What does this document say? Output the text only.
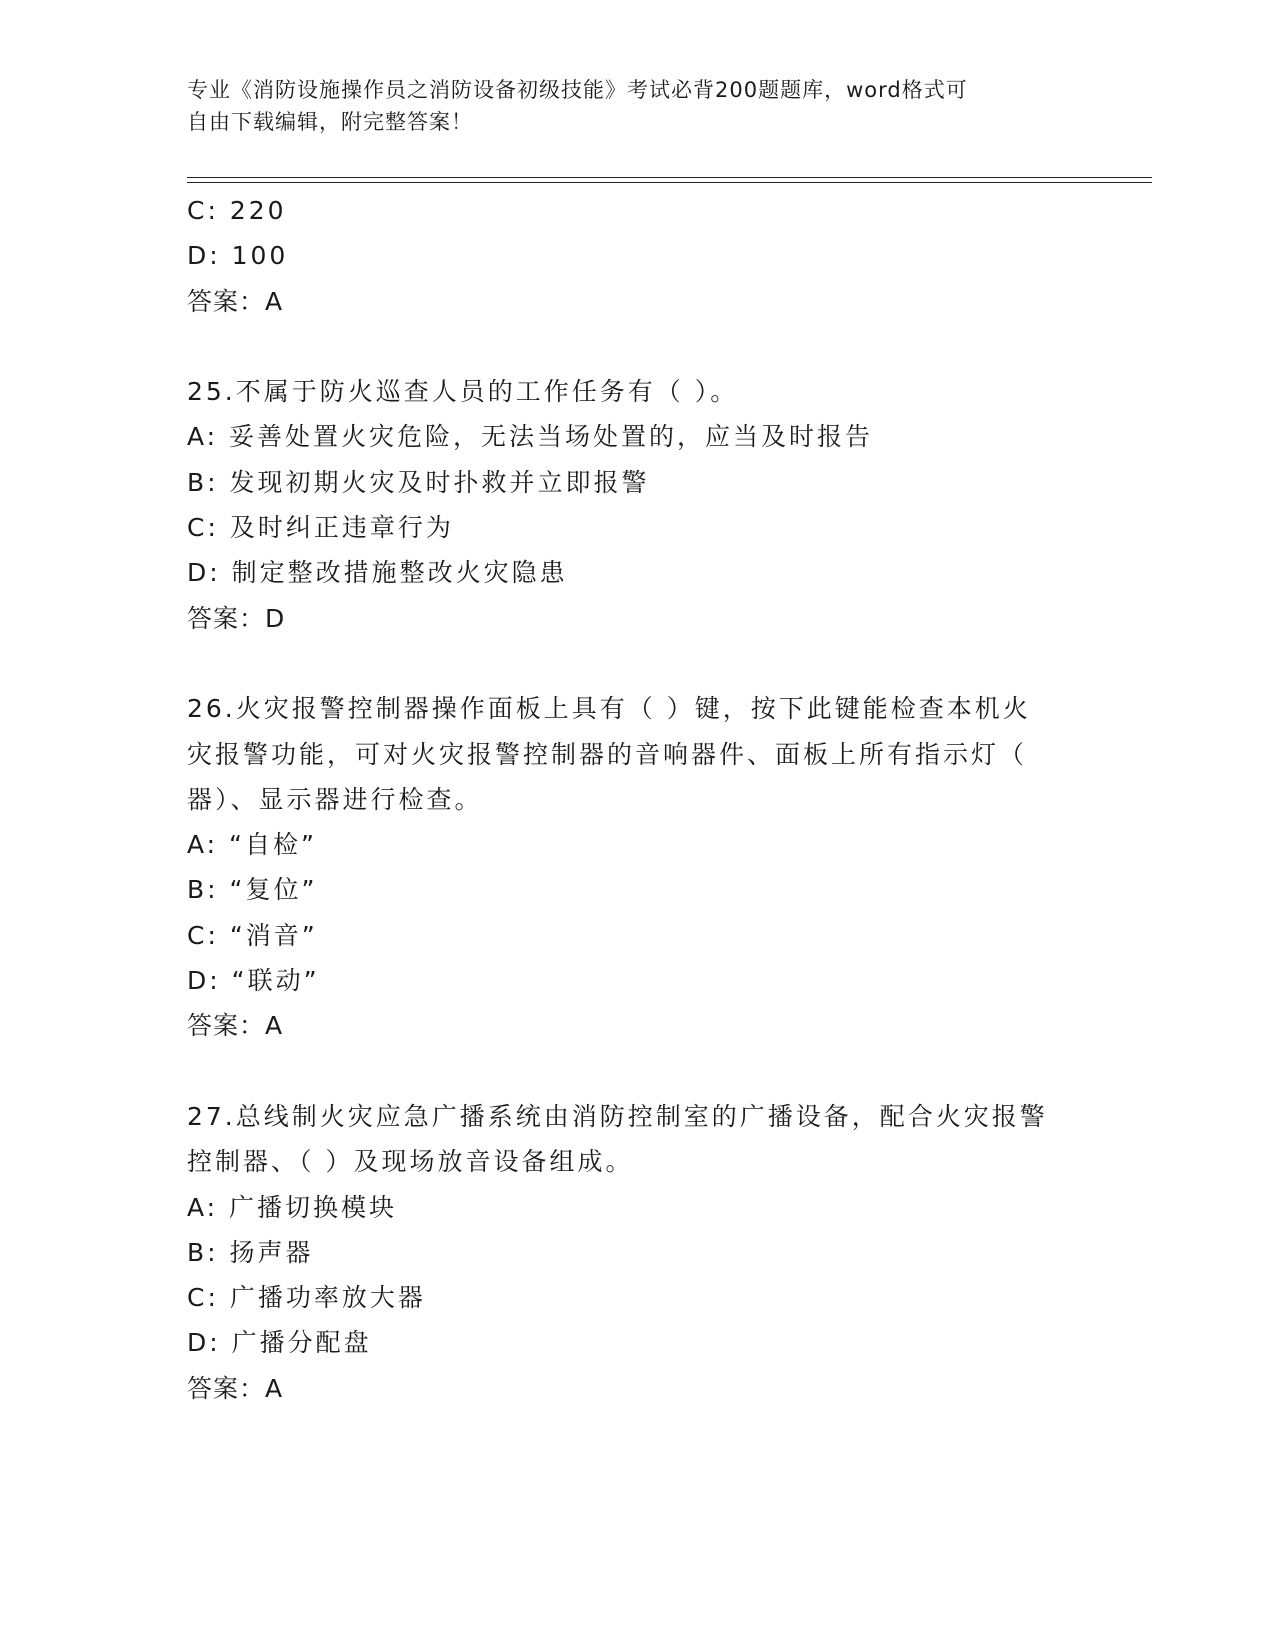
专业《消防设施操作员之消防设备初级技能》考试必背200题题库，word格式可
自由下载编辑，附完整答案！
C: 220
D: 100
答案：A
25.不属于防火巡查人员的工作任务有（ ）。
A: 妥善处置火灾危险，无法当场处置的，应当及时报告
B: 发现初期火灾及时扑救并立即报警
C: 及时纠正违章行为
D: 制定整改措施整改火灾隐患
答案：D
26.火灾报警控制器操作面板上具有（ ）键，按下此键能检查本机火
灾报警功能，可对火灾报警控制器的音响器件、面板上所有指示灯（
器）、显示器进行检查。
A: “自检”
B: “复位”
C: “消音”
D: “联动”
答案：A
27.总线制火灾应急广播系统由消防控制室的广播设备，配合火灾报警
控制器、（ ）及现场放音设备组成。
A: 广播切换模块
B: 扬声器
C: 广播功率放大器
D: 广播分配盘
答案：A
